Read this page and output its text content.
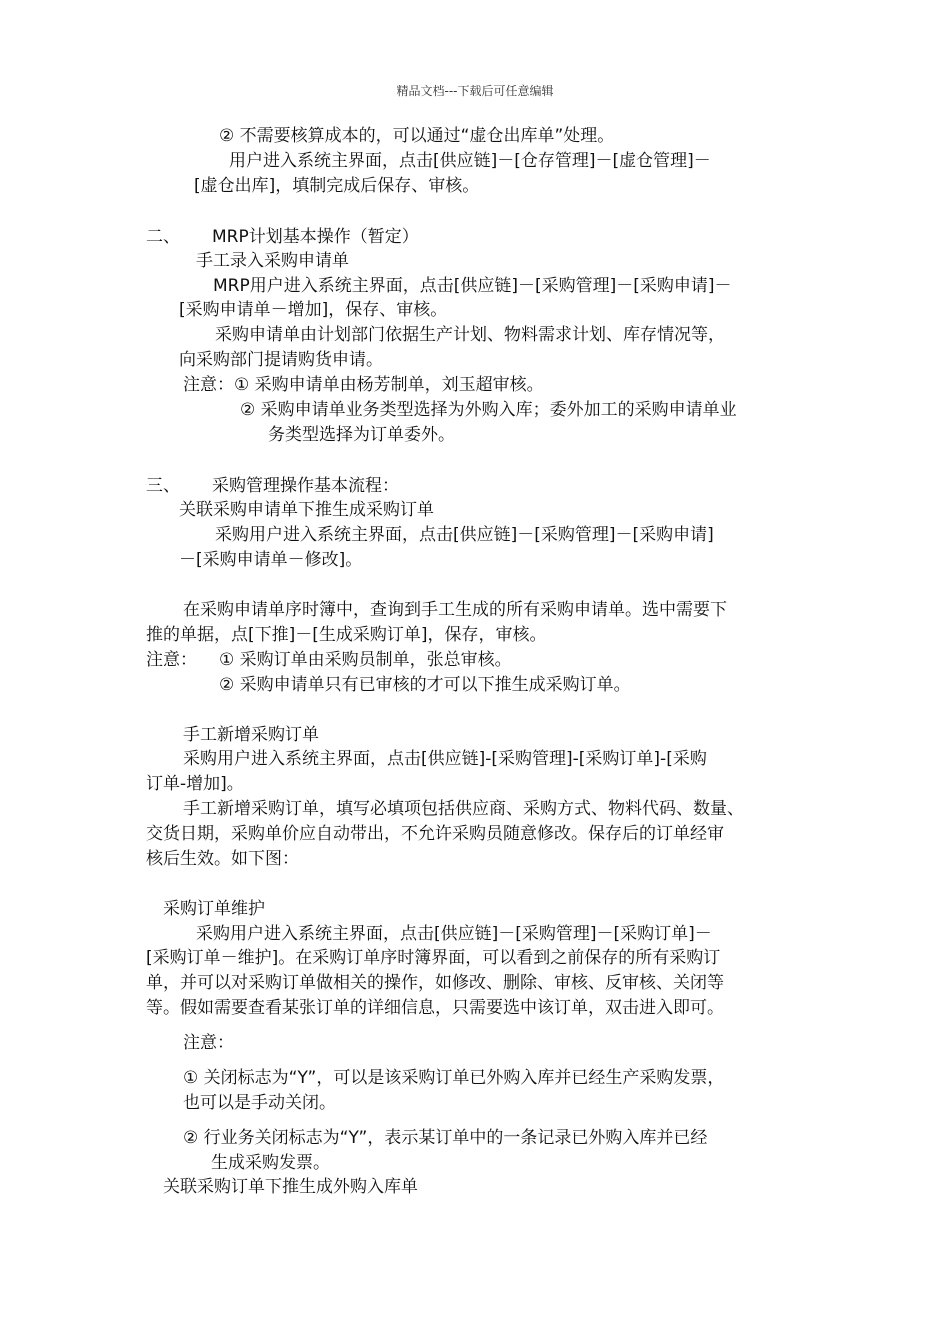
精品文档---下载后可任意编辑
② 不需要核算成本的，可以通过“虚仓出库单”处理。
用户进入系统主界面，点击[供应链]－[仓存管理]－[虚仓管理]－
[虚仓出库]，填制完成后保存、审核。
二、 MRP计划基本操作（暂定）
手工录入采购申请单
MRP用户进入系统主界面，点击[供应链]－[采购管理]－[采购申请]－
[采购申请单－增加]，保存、审核。
采购申请单由计划部门依据生产计划、物料需求计划、库存情况等，
向采购部门提请购货申请。
注意：① 采购申请单由杨芳制单，刘玉超审核。
② 采购申请单业务类型选择为外购入库；委外加工的采购申请单业
务类型选择为订单委外。
三、 采购管理操作基本流程：
关联采购申请单下推生成采购订单
采购用户进入系统主界面，点击[供应链]－[采购管理]－[采购申请]
－[采购申请单－修改]。
在采购申请单序时簿中，查询到手工生成的所有采购申请单。选中需要下
推的单据，点[下推]－[生成采购订单]，保存，审核。
注意： ① 采购订单由采购员制单，张总审核。
② 采购申请单只有已审核的才可以下推生成采购订单。
手工新增采购订单
采购用户进入系统主界面，点击[供应链]-[采购管理]-[采购订单]-[采购
订单-增加]。
手工新增采购订单，填写必填项包括供应商、采购方式、物料代码、数量、
交货日期，采购单价应自动带出，不允许采购员随意修改。保存后的订单经审
核后生效。如下图：
采购订单维护
采购用户进入系统主界面，点击[供应链]－[采购管理]－[采购订单]－
[采购订单－维护]。在采购订单序时簿界面，可以看到之前保存的所有采购订
单，并可以对采购订单做相关的操作，如修改、删除、审核、反审核、关闭等
等。假如需要查看某张订单的详细信息，只需要选中该订单，双击进入即可。
注意：
① 关闭标志为“Y”，可以是该采购订单已外购入库并已经生产采购发票，
也可以是手动关闭。
② 行业务关闭标志为“Y”，表示某订单中的一条记录已外购入库并已经
生成采购发票。
关联采购订单下推生成外购入库单
